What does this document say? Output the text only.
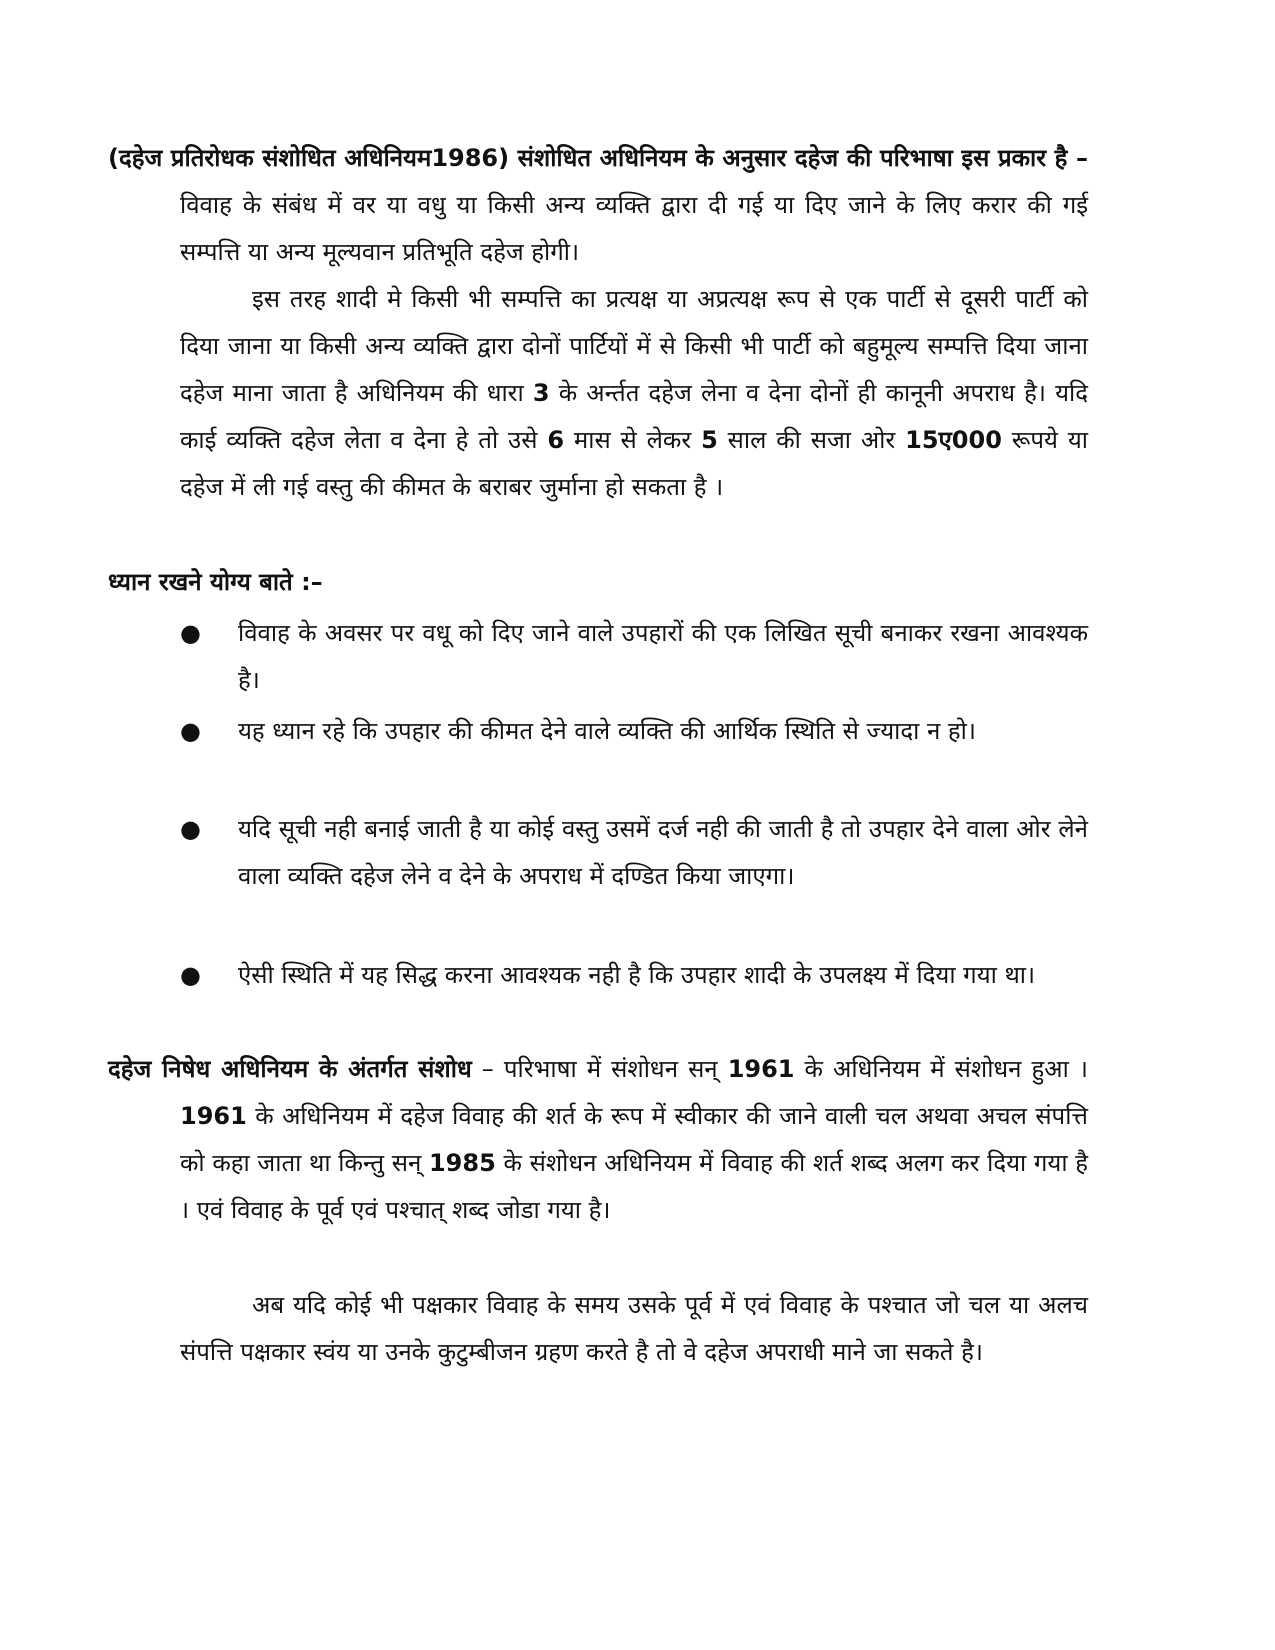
(दहेज प्रतिरोधक संशोधित अधिनियम1986) संशोधित अधिनियम के अनुसार दहेज की परिभाषा इस प्रकार है – विवाह के संबंध में वर या वधु या किसी अन्य व्यक्ति द्वारा दी गई या दिए जाने के लिए करार की गई सम्पत्ति या अन्य मूल्यवान प्रतिभूति दहेज होगी।

इस तरह शादी मे किसी भी सम्पत्ति का प्रत्यक्ष या अप्रत्यक्ष रूप से एक पार्टी से दूसरी पार्टी को दिया जाना या किसी अन्य व्यक्ति द्वारा दोनों पार्टियों में से किसी भी पार्टी को बहुमूल्य सम्पत्ति दिया जाना दहेज माना जाता है अधिनियम की धारा 3 के अर्न्तत दहेज लेना व देना दोनों ही कानूनी अपराध है। यदि काई व्यक्ति दहेज लेता व देना हे तो उसे 6 मास से लेकर 5 साल की सजा ओर 15ए000 रूपये या दहेज में ली गई वस्तु की कीमत के बराबर जुर्माना हो सकता है ।

ध्यान रखने योग्य बाते :–

● विवाह के अवसर पर वधू को दिए जाने वाले उपहारों की एक लिखित सूची बनाकर रखना आवश्यक है।

● यह ध्यान रहे कि उपहार की कीमत देने वाले व्यक्ति की आर्थिक स्थिति से ज्यादा न हो।

● यदि सूची नही बनाई जाती है या कोई वस्तु उसमें दर्ज नही की जाती है तो उपहार देने वाला ओर लेने वाला व्यक्ति दहेज लेने व देने के अपराध में दण्डित किया जाएगा।

● ऐसी स्थिति में यह सिद्ध करना आवश्यक नही है कि उपहार शादी के उपलक्ष्य में दिया गया था।

दहेज निषेध अधिनियम के अंतर्गत संशोध – परिभाषा में संशोधन सन् 1961 के अधिनियम में संशोधन हुआ । 1961 के अधिनियम में दहेज विवाह की शर्त के रूप में स्वीकार की जाने वाली चल अथवा अचल संपत्ति को कहा जाता था किन्तु सन् 1985 के संशोधन अधिनियम में विवाह की शर्त शब्द अलग कर दिया गया है । एवं विवाह के पूर्व एवं पश्चात् शब्द जोडा गया है।

अब यदि कोई भी पक्षकार विवाह के समय उसके पूर्व में एवं विवाह के पश्चात जो चल या अलच संपत्ति पक्षकार स्वंय या उनके कुटुम्बीजन ग्रहण करते है तो वे दहेज अपराधी माने जा सकते है।
